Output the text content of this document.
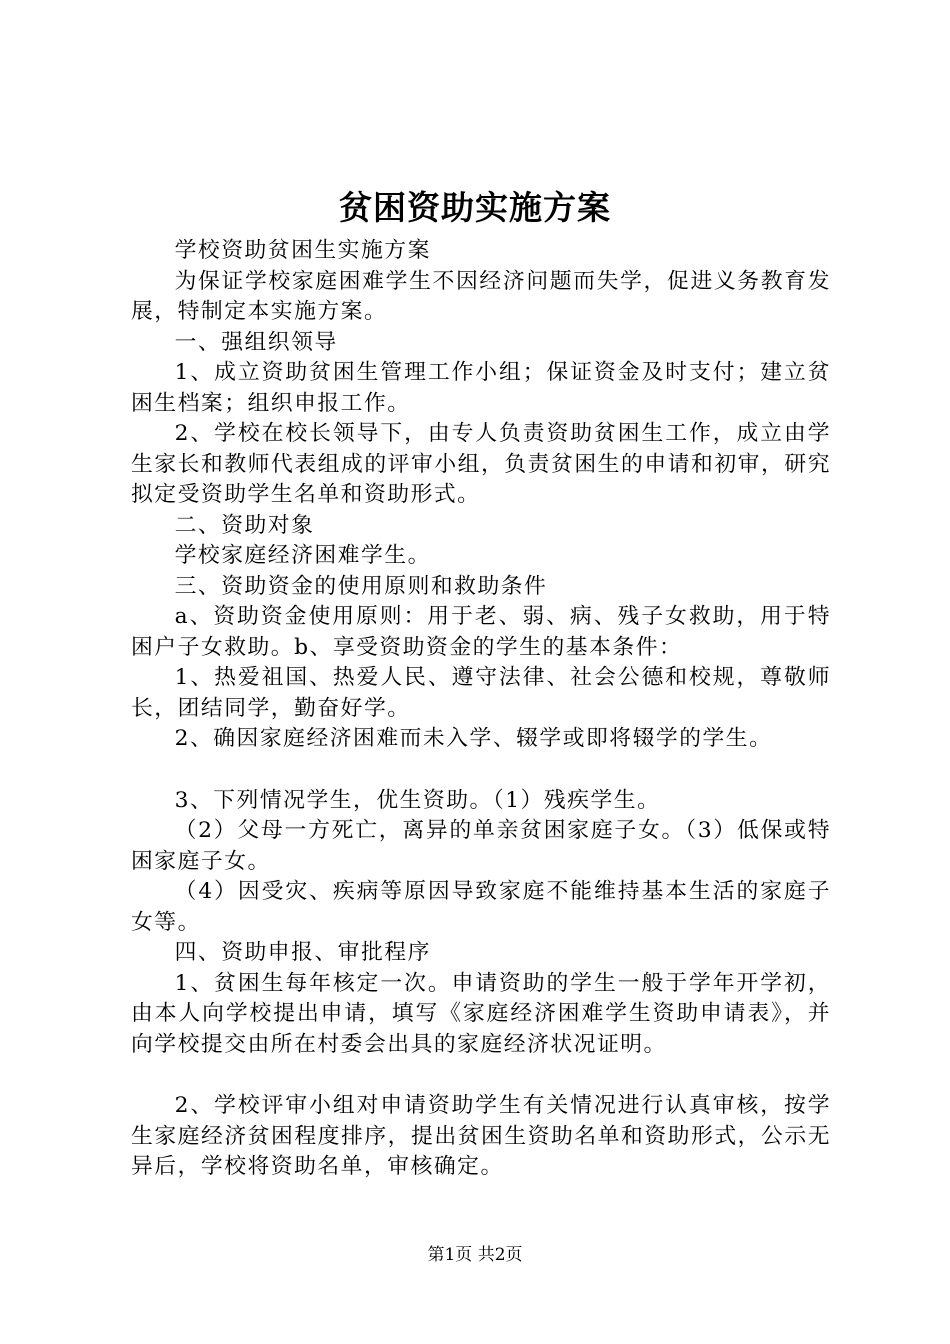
贫困资助实施方案

学校资助贫困生实施方案

为保证学校家庭困难学生不因经济问题而失学，促进义务教育发展，特制定本实施方案。

一、强组织领导

1、成立资助贫困生管理工作小组；保证资金及时支付；建立贫困生档案；组织申报工作。

2、学校在校长领导下，由专人负责资助贫困生工作，成立由学生家长和教师代表组成的评审小组，负责贫困生的申请和初审，研究拟定受资助学生名单和资助形式。

二、资助对象

学校家庭经济困难学生。

三、资助资金的使用原则和救助条件

a、资助资金使用原则：用于老、弱、病、残子女救助，用于特困户子女救助。b、享受资助资金的学生的基本条件：

1、热爱祖国、热爱人民、遵守法律、社会公德和校规，尊敬师长，团结同学，勤奋好学。

2、确因家庭经济困难而未入学、辍学或即将辍学的学生。

3、下列情况学生，优生资助。（1）残疾学生。

（2）父母一方死亡，离异的单亲贫困家庭子女。（3）低保或特困家庭子女。

（4）因受灾、疾病等原因导致家庭不能维持基本生活的家庭子女等。

四、资助申报、审批程序

1、贫困生每年核定一次。申请资助的学生一般于学年开学初，由本人向学校提出申请，填写《家庭经济困难学生资助申请表》，并向学校提交由所在村委会出具的家庭经济状况证明。

2、学校评审小组对申请资助学生有关情况进行认真审核，按学生家庭经济贫困程度排序，提出贫困生资助名单和资助形式，公示无异后，学校将资助名单，审核确定。

第1页 共2页
